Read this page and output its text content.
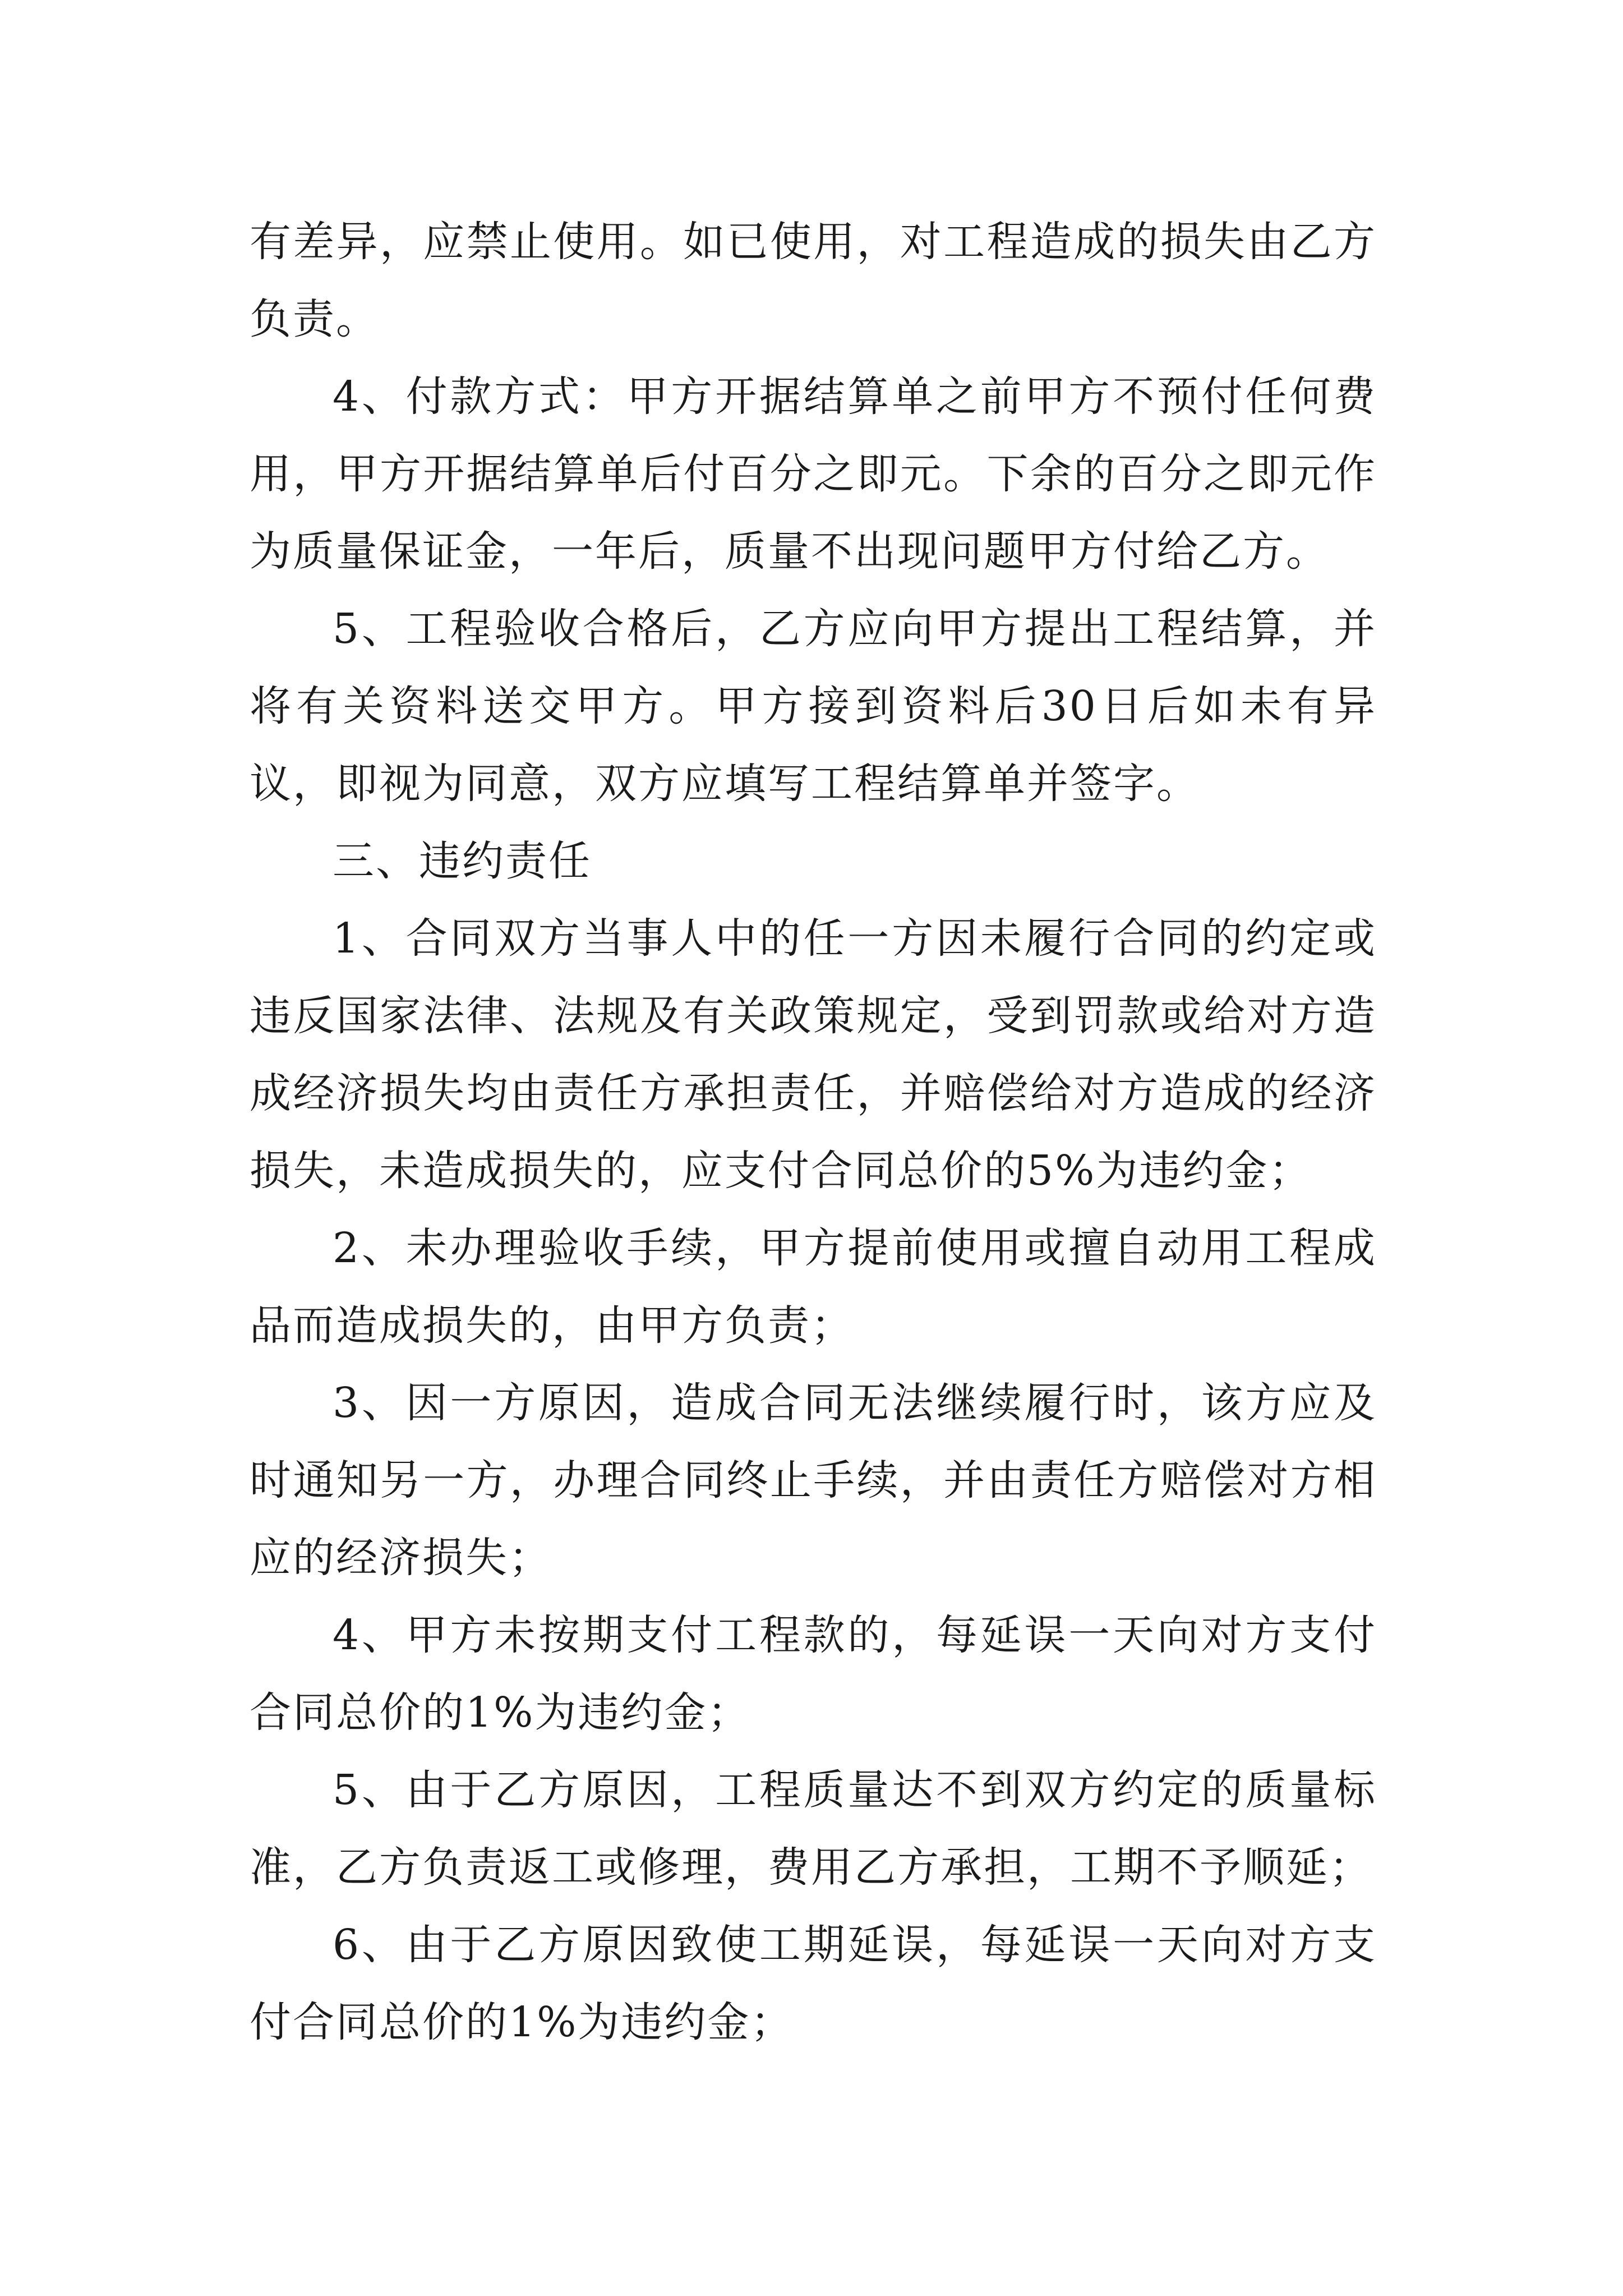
有差异，应禁止使用。如已使用，对工程造成的损失由乙方负责。

4、付款方式：甲方开据结算单之前甲方不预付任何费用，甲方开据结算单后付百分之即元。下余的百分之即元作为质量保证金，一年后，质量不出现问题甲方付给乙方。

5、工程验收合格后，乙方应向甲方提出工程结算，并将有关资料送交甲方。甲方接到资料后30日后如未有异议，即视为同意，双方应填写工程结算单并签字。

三、违约责任

1、合同双方当事人中的任一方因未履行合同的约定或违反国家法律、法规及有关政策规定，受到罚款或给对方造成经济损失均由责任方承担责任，并赔偿给对方造成的经济损失，未造成损失的，应支付合同总价的5%为违约金；

2、未办理验收手续，甲方提前使用或擅自动用工程成品而造成损失的，由甲方负责；

3、因一方原因，造成合同无法继续履行时，该方应及时通知另一方，办理合同终止手续，并由责任方赔偿对方相应的经济损失；

4、甲方未按期支付工程款的，每延误一天向对方支付合同总价的1%为违约金；

5、由于乙方原因，工程质量达不到双方约定的质量标准，乙方负责返工或修理，费用乙方承担，工期不予顺延；

6、由于乙方原因致使工期延误，每延误一天向对方支付合同总价的1%为违约金；
